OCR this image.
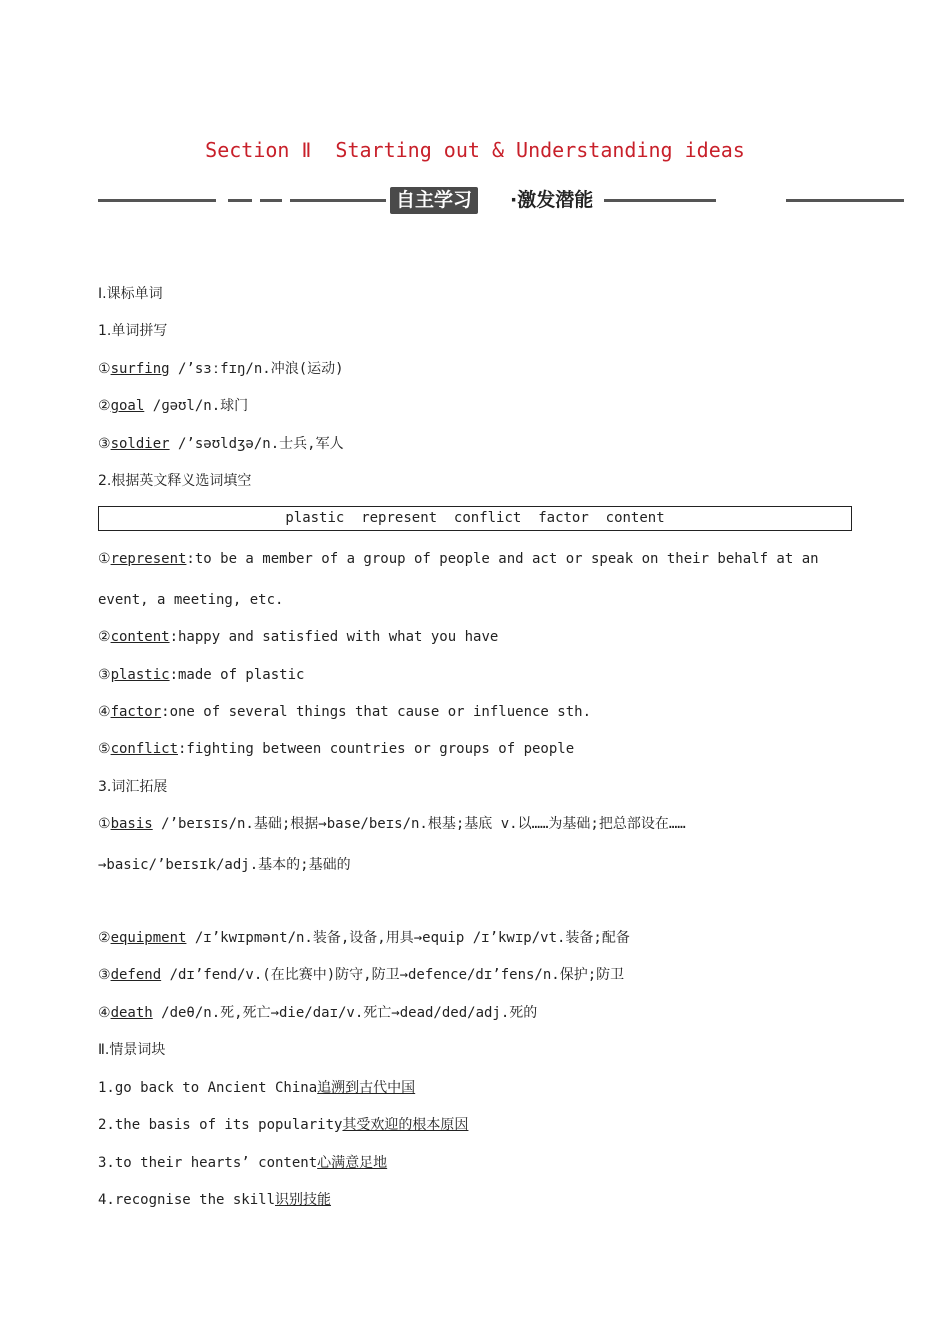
Section Ⅱ  Starting out & Understanding ideas
自主学习	·激发潜能
Ⅰ.课标单词
1.单词拼写
①surfing /’sɜːfɪŋ/n.冲浪(运动)
②goal /ɡəʊl/n.球门
③soldier /’səʊldʒə/n.士兵,军人
2.根据英文释义选词填空
plastic  represent  conflict  factor  content
①represent:to be a member of a group of people and act or speak on their behalf at an
event, a meeting, etc.
②content:happy and satisfied with what you have
③plastic:made of plastic
④factor:one of several things that cause or influence sth.
⑤conflict:fighting between countries or groups of people
3.词汇拓展
①basis /’beɪsɪs/n.基础;根据→base/beɪs/n.根基;基底 v.以……为基础;把总部设在……
→basic/’beɪsɪk/adj.基本的;基础的
②equipment /ɪ’kwɪpmənt/n.装备,设备,用具→equip /ɪ’kwɪp/vt.装备;配备
③defend /dɪ’fend/v.(在比赛中)防守,防卫→defence/dɪ’fens/n.保护;防卫
④death /deθ/n.死,死亡→die/daɪ/v.死亡→dead/ded/adj.死的
Ⅱ.情景词块
1.go back to Ancient China追溯到古代中国
2.the basis of its popularity其受欢迎的根本原因
3.to their hearts’ content心满意足地
4.recognise the skill识别技能
